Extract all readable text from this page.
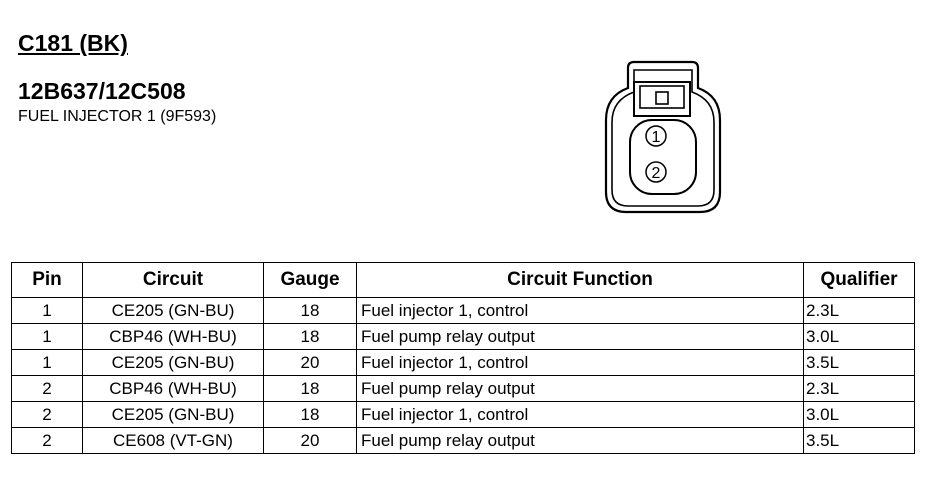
C181 (BK)
12B637/12C508

FUEL INJECTOR 1 (9F593)

1
2
Pin	Circuit	Gauge	Circuit Function	Qualifier
1	CE205 (GN-BU)	18	Fuel injector 1, control	2.3L
1	CBP46 (WH-BU)	18	Fuel pump relay output	3.0L
1	CE205 (GN-BU)	20	Fuel injector 1, control	3.5L
2	CBP46 (WH-BU)	18	Fuel pump relay output	2.3L
2	CE205 (GN-BU)	18	Fuel injector 1, control	3.0L
2	CE608 (VT-GN)	20	Fuel pump relay output	3.5L
